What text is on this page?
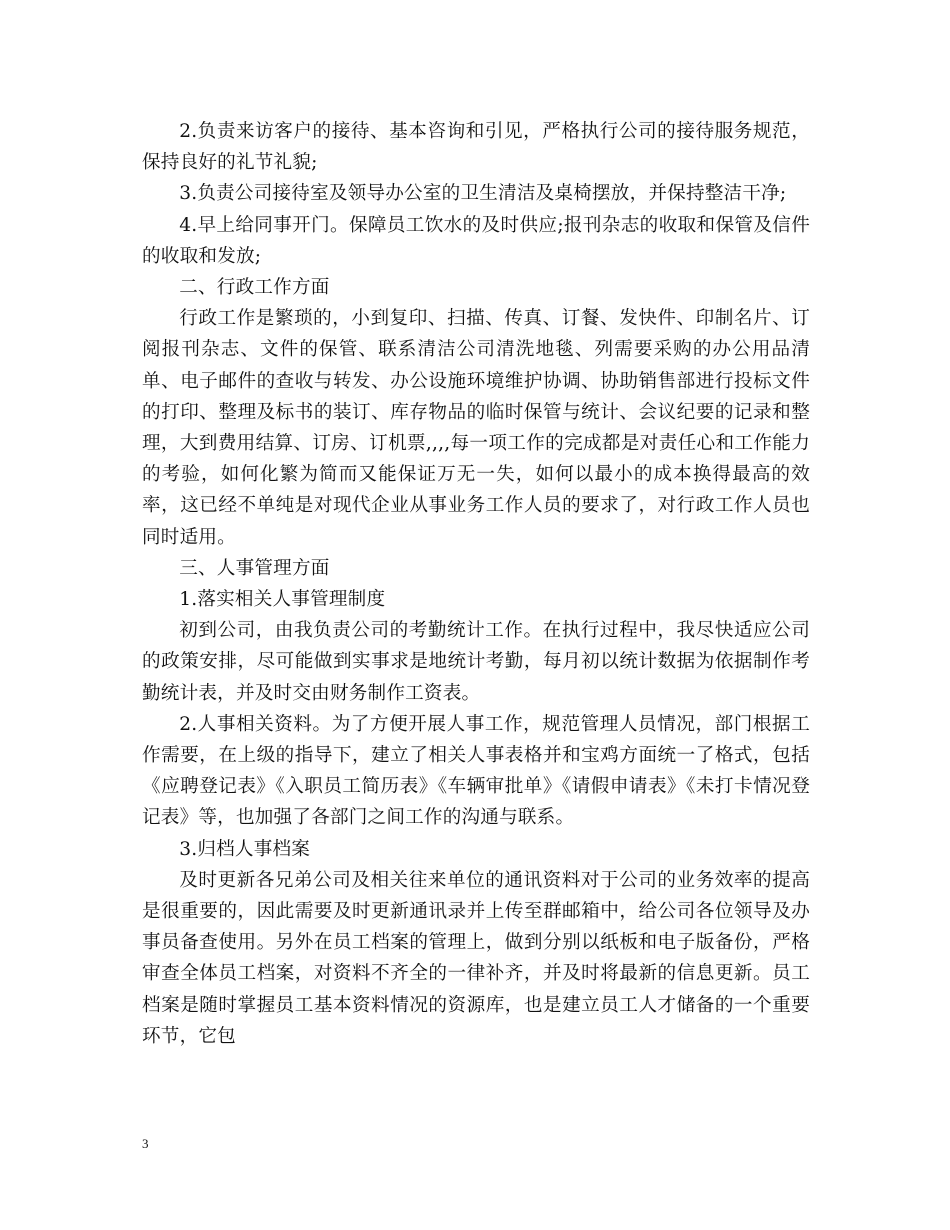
2.负责来访客户的接待、基本咨询和引见，严格执行公司的接待服务规范，保持良好的礼节礼貌;

3.负责公司接待室及领导办公室的卫生清洁及桌椅摆放，并保持整洁干净;

4.早上给同事开门。保障员工饮水的及时供应;报刊杂志的收取和保管及信件的收取和发放;

二、行政工作方面

行政工作是繁琐的，小到复印、扫描、传真、订餐、发快件、印制名片、订阅报刊杂志、文件的保管、联系清洁公司清洗地毯、列需要采购的办公用品清单、电子邮件的查收与转发、办公设施环境维护协调、协助销售部进行投标文件的打印、整理及标书的装订、库存物品的临时保管与统计、会议纪要的记录和整理，大到费用结算、订房、订机票,,,,每一项工作的完成都是对责任心和工作能力的考验，如何化繁为简而又能保证万无一失，如何以最小的成本换得最高的效率，这已经不单纯是对现代企业从事业务工作人员的要求了，对行政工作人员也同时适用。

三、人事管理方面

1.落实相关人事管理制度

初到公司，由我负责公司的考勤统计工作。在执行过程中，我尽快适应公司的政策安排，尽可能做到实事求是地统计考勤，每月初以统计数据为依据制作考勤统计表，并及时交由财务制作工资表。

2.人事相关资料。为了方便开展人事工作，规范管理人员情况，部门根据工作需要，在上级的指导下，建立了相关人事表格并和宝鸡方面统一了格式，包括《应聘登记表》《入职员工简历表》《车辆审批单》《请假申请表》《未打卡情况登记表》等，也加强了各部门之间工作的沟通与联系。

3.归档人事档案

及时更新各兄弟公司及相关往来单位的通讯资料对于公司的业务效率的提高是很重要的，因此需要及时更新通讯录并上传至群邮箱中，给公司各位领导及办事员备查使用。另外在员工档案的管理上，做到分别以纸板和电子版备份，严格审查全体员工档案，对资料不齐全的一律补齐，并及时将最新的信息更新。员工档案是随时掌握员工基本资料情况的资源库，也是建立员工人才储备的一个重要环节，它包

3
